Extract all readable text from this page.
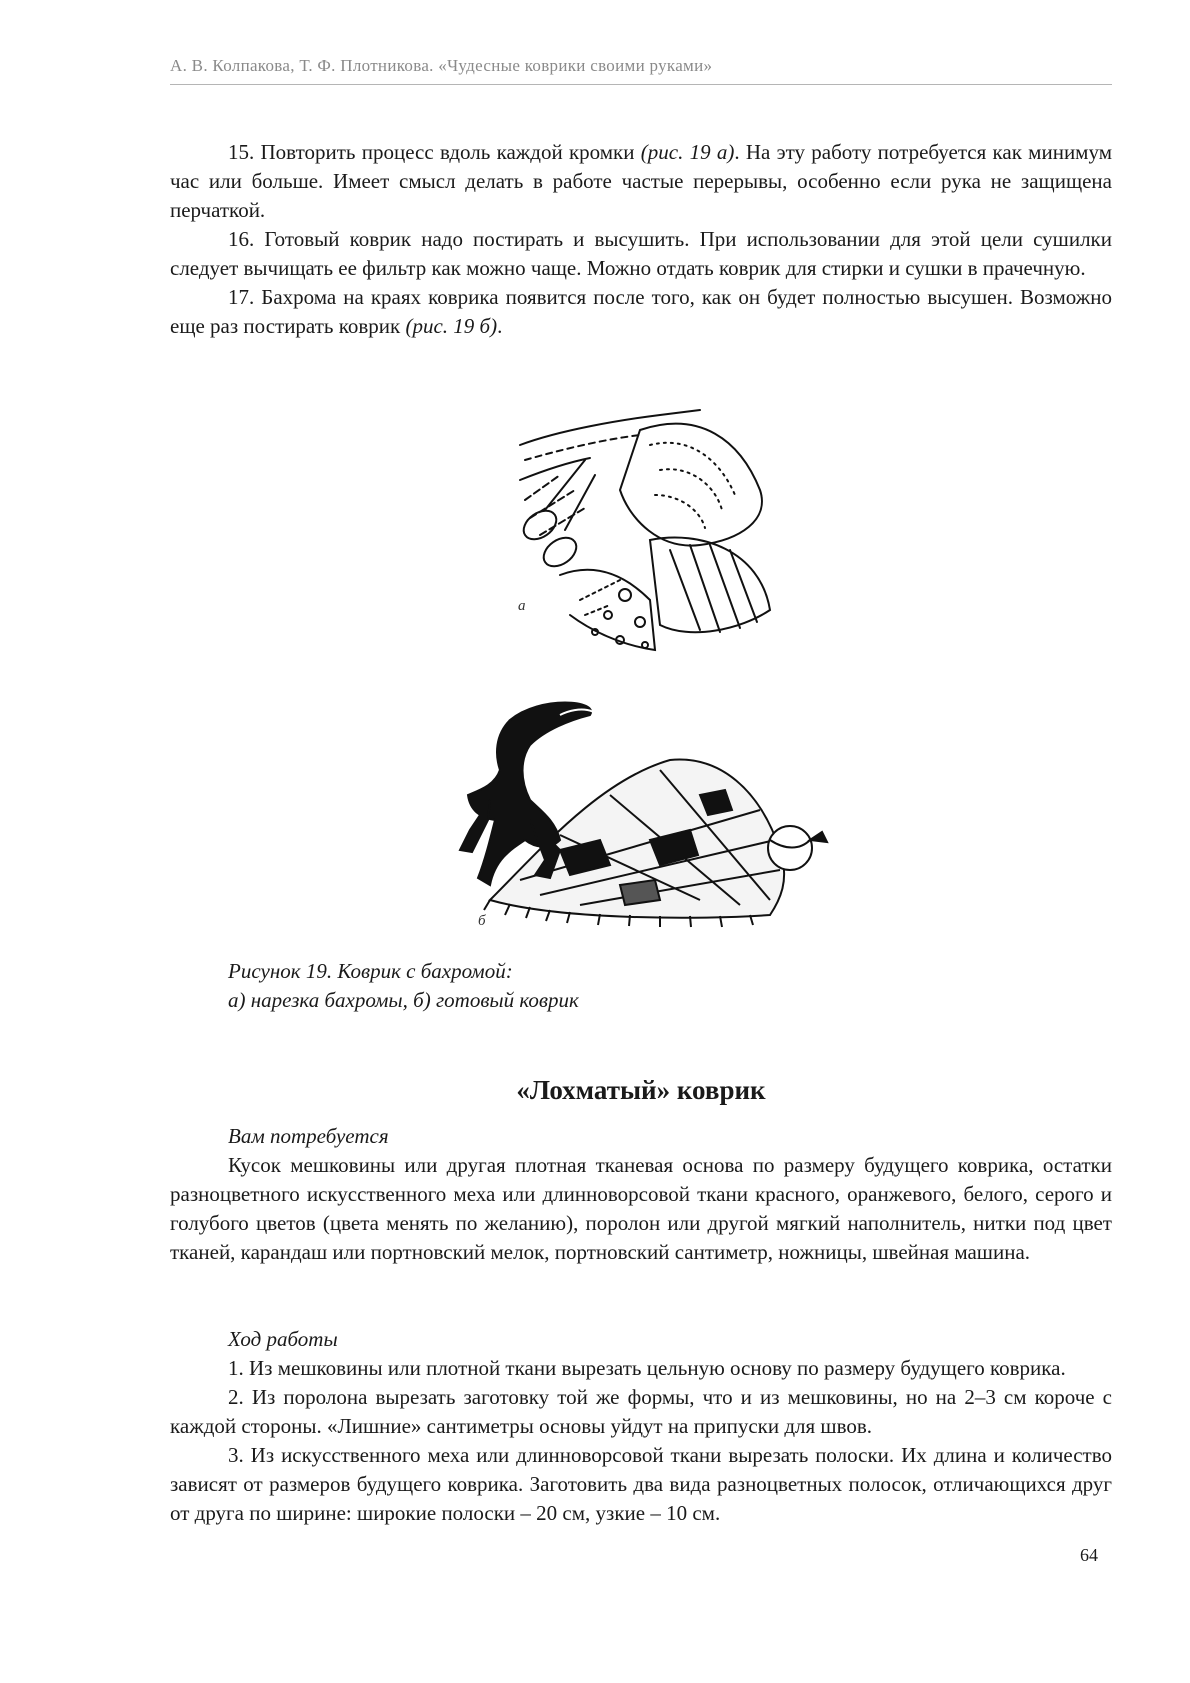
А. В. Колпакова, Т. Ф. Плотникова. «Чудесные коврики своими руками»

15. Повторить процесс вдоль каждой кромки (рис. 19 а). На эту работу потребуется как минимум час или больше. Имеет смысл делать в работе частые перерывы, особенно если рука не защищена перчаткой.

16. Готовый коврик надо постирать и высушить. При использовании для этой цели сушилки следует вычищать ее фильтр как можно чаще. Можно отдать коврик для стирки и сушки в прачечную.

17. Бахрома на краях коврика появится после того, как он будет полностью высушен. Возможно еще раз постирать коврик (рис. 19 б).

а
б
Рисунок 19. Коврик с бахромой:
а) нарезка бахромы, б) готовый коврик
«Лохматый» коврик

Вам потребуется

Кусок мешковины или другая плотная тканевая основа по размеру будущего коврика, остатки разноцветного искусственного меха или длинноворсовой ткани красного, оранжевого, белого, серого и голубого цветов (цвета менять по желанию), поролон или другой мягкий наполнитель, нитки под цвет тканей, карандаш или портновский мелок, портновский сантиметр, ножницы, швейная машина.

Ход работы

1. Из мешковины или плотной ткани вырезать цельную основу по размеру будущего коврика.

2. Из поролона вырезать заготовку той же формы, что и из мешковины, но на 2–3 см короче с каждой стороны. «Лишние» сантиметры основы уйдут на припуски для швов.

3. Из искусственного меха или длинноворсовой ткани вырезать полоски. Их длина и количество зависят от размеров будущего коврика. Заготовить два вида разноцветных полосок, отличающихся друг от друга по ширине: широкие полоски – 20 см, узкие – 10 см.

64
